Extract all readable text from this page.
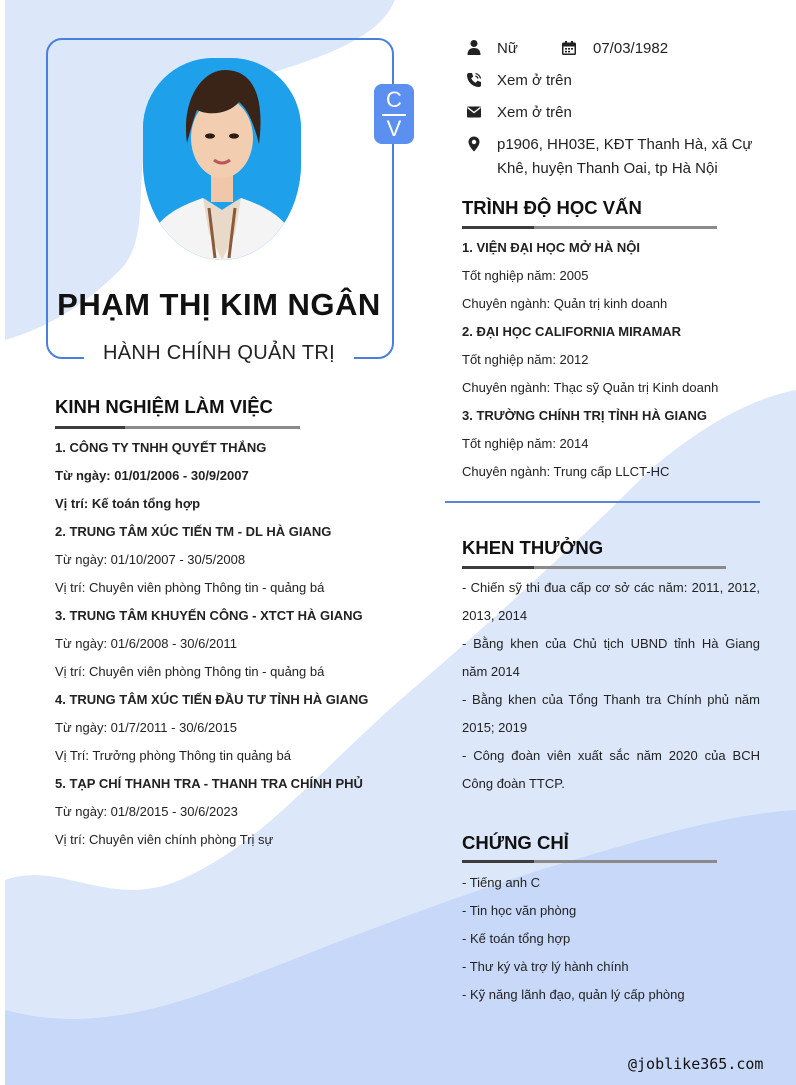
PHẠM THỊ KIM NGÂN
HÀNH CHÍNH QUẢN TRỊ
C
V
Nữ	07/03/1982
Xem ở trên
Xem ở trên
p1906, HH03E, KĐT Thanh Hà, xã Cự
Khê, huyện Thanh Oai, tp Hà Nội
KINH NGHIỆM LÀM VIỆC
1. CÔNG TY TNHH QUYẾT THẮNG
Từ ngày: 01/01/2006 - 30/9/2007
Vị trí: Kế toán tổng hợp
2. TRUNG TÂM XÚC TIẾN TM - DL HÀ GIANG
Từ ngày: 01/10/2007 - 30/5/2008
Vị trí: Chuyên viên phòng Thông tin - quảng bá
3. TRUNG TÂM KHUYẾN CÔNG - XTCT HÀ GIANG
Từ ngày: 01/6/2008 - 30/6/2011
Vị trí: Chuyên viên phòng Thông tin - quảng bá
4. TRUNG TÂM XÚC TIẾN ĐẦU TƯ TỈNH HÀ GIANG
Từ ngày: 01/7/2011 - 30/6/2015
Vị Trí: Trưởng phòng Thông tin quảng bá
5. TẠP CHÍ THANH TRA - THANH TRA CHÍNH PHỦ
Từ ngày: 01/8/2015 - 30/6/2023
Vị trí: Chuyên viên chính phòng Trị sự
TRÌNH ĐỘ HỌC VẤN
1. VIỆN ĐẠI HỌC MỞ HÀ NỘI
Tốt nghiệp năm: 2005
Chuyên ngành: Quản trị kinh doanh
2. ĐẠI HỌC CALIFORNIA MIRAMAR
Tốt nghiệp năm: 2012
Chuyên ngành: Thạc sỹ Quản trị Kinh doanh
3. TRƯỜNG CHÍNH TRỊ TỈNH HÀ GIANG
Tốt nghiệp năm: 2014
Chuyên ngành: Trung cấp LLCT-HC
KHEN THƯỞNG
- Chiến sỹ thi đua cấp cơ sở các năm: 2011, 2012, 2013, 2014
- Bằng khen của Chủ tịch UBND tỉnh Hà Giang năm 2014
- Bằng khen của Tổng Thanh tra Chính phủ năm 2015; 2019
- Công đoàn viên xuất sắc năm 2020 của BCH Công đoàn TTCP.
CHỨNG CHỈ
- Tiếng anh C
- Tin học văn phòng
- Kế toán tổng hợp
- Thư ký và trợ lý hành chính
- Kỹ năng lãnh đạo, quản lý cấp phòng
@joblike365.com
